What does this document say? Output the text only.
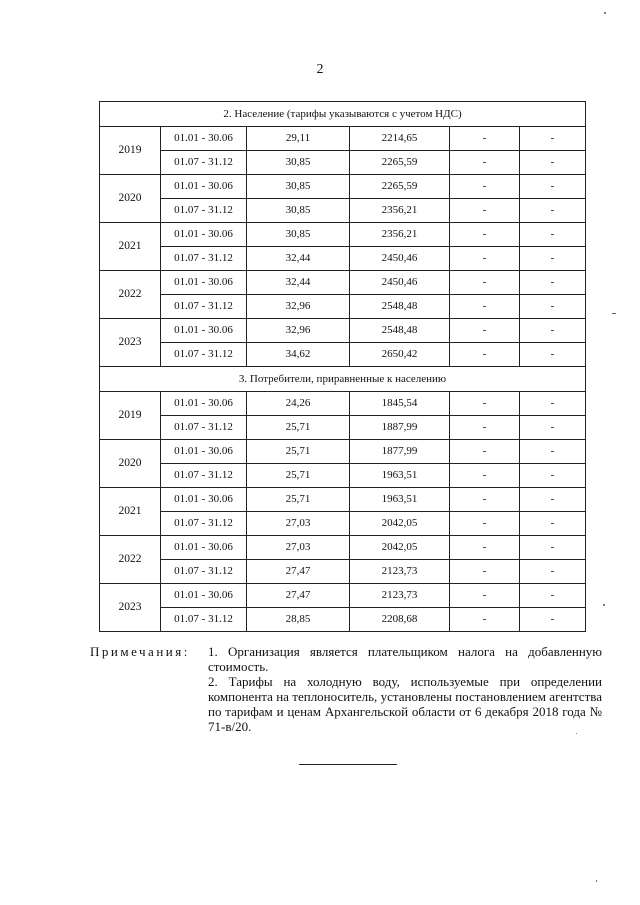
2
2. Население (тарифы указываются с учетом НДС)					
2019	01.01 - 30.06	29,11	2214,65	-	-
	01.07 - 31.12	30,85	2265,59	-	-
2020	01.01 - 30.06	30,85	2265,59	-	-
	01.07 - 31.12	30,85	2356,21	-	-
2021	01.01 - 30.06	30,85	2356,21	-	-
	01.07 - 31.12	32,44	2450,46	-	-
2022	01.01 - 30.06	32,44	2450,46	-	-
	01.07 - 31.12	32,96	2548,48	-	-
2023	01.01 - 30.06	32,96	2548,48	-	-
	01.07 - 31.12	34,62	2650,42	-	-
3. Потребители, приравненные к населению					
2019	01.01 - 30.06	24,26	1845,54	-	-
	01.07 - 31.12	25,71	1887,99	-	-
2020	01.01 - 30.06	25,71	1877,99	-	-
	01.07 - 31.12	25,71	1963,51	-	-
2021	01.01 - 30.06	25,71	1963,51	-	-
	01.07 - 31.12	27,03	2042,05	-	-
2022	01.01 - 30.06	27,03	2042,05	-	-
	01.07 - 31.12	27,47	2123,73	-	-
2023	01.01 - 30.06	27,47	2123,73	-	-
	01.07 - 31.12	28,85	2208,68	-	-
Примечания: 1. Организация является плательщиком налога на добавленную стоимость.
2. Тарифы на холодную воду, используемые при определении компонента на теплоноситель, установлены постановлением агентства по тарифам и ценам Архангельской области от 6 декабря 2018 года № 71-в/20.
